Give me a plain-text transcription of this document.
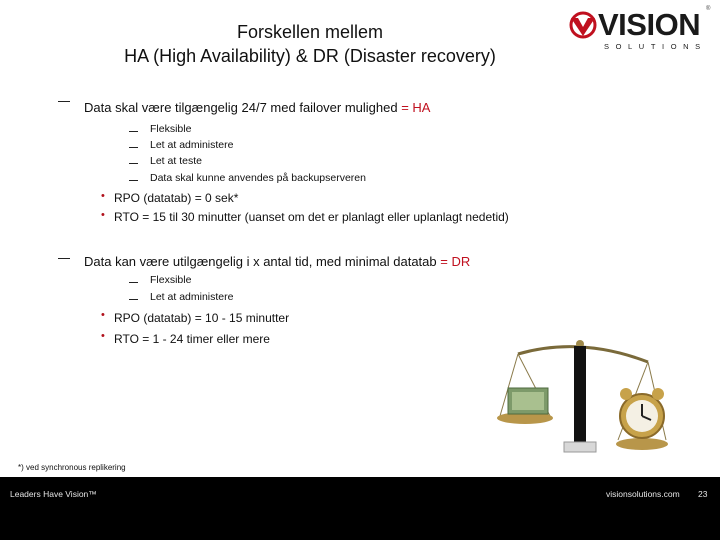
Forskellen mellem
HA (High Availability) & DR (Disaster recovery)
VISION
SOLUTIONS
®
Data skal være tilgængelig 24/7 med failover mulighed = HA
Fleksible
Let at administere
Let at teste
Data skal kunne anvendes på backupserveren
• RPO (datatab) = 0 sek*
• RTO = 15 til 30 minutter (uanset om det er planlagt eller uplanlagt nedetid)
Data kan være utilgængelig i x antal tid, med minimal datatab = DR
Flexsible
Let at administere
• RPO (datatab) = 10 - 15 minutter
• RTO = 1 - 24 timer eller mere
*) ved synchronous replikering
Leaders Have Vision™	visionsolutions.com 23
